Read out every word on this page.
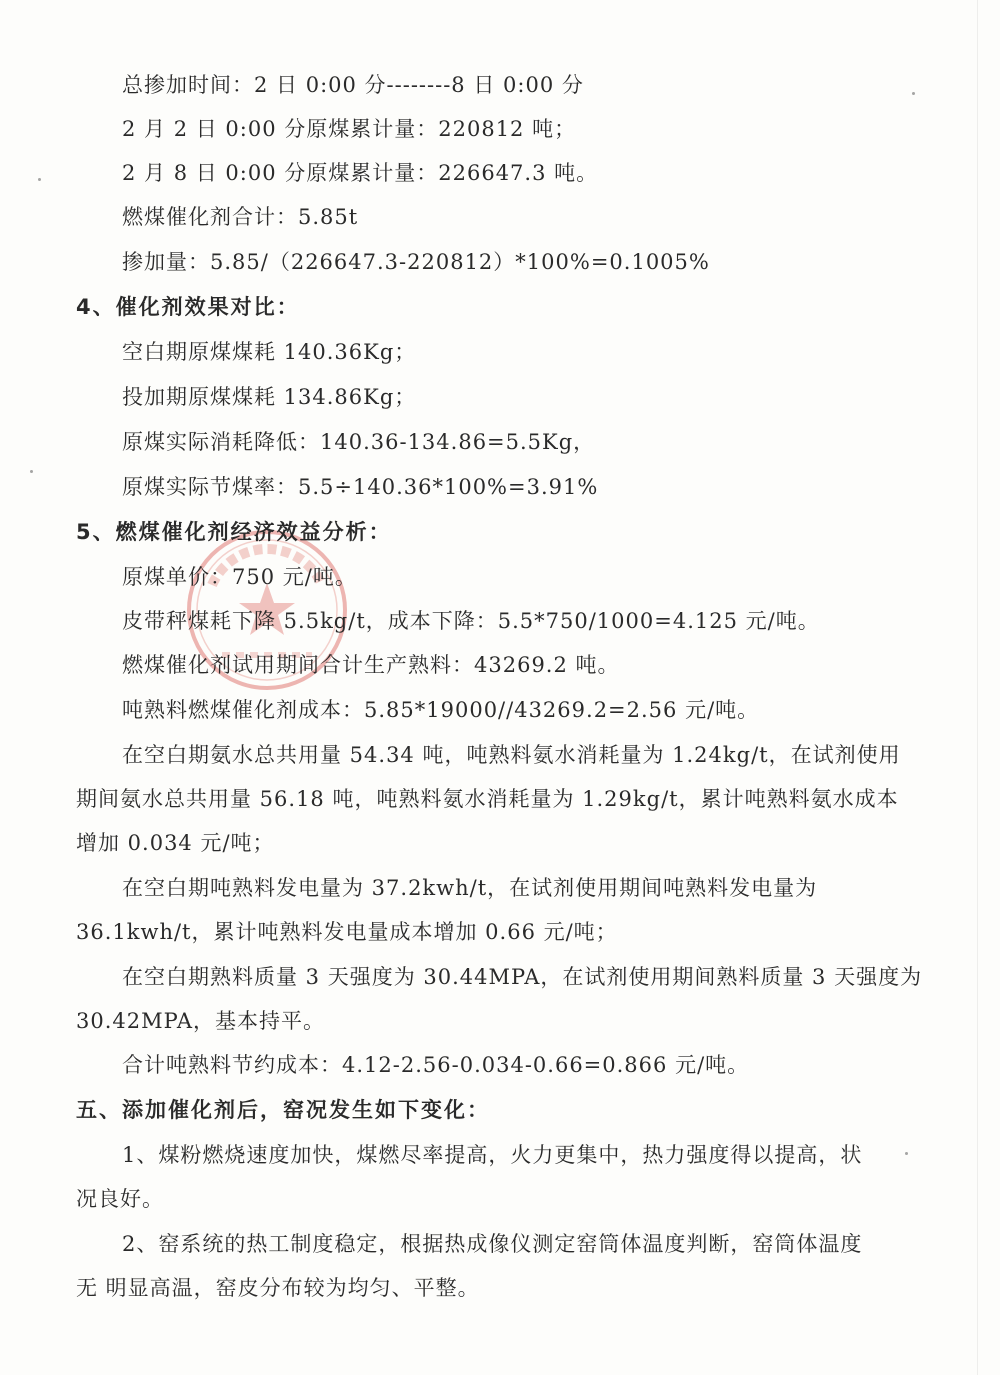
总掺加时间：2 日 0:00 分--------8 日 0:00 分
2 月 2 日 0:00 分原煤累计量：220812 吨；
2 月 8 日 0:00 分原煤累计量：226647.3 吨。
燃煤催化剂合计：5.85t
掺加量：5.85/（226647.3-220812）*100%=0.1005%
4、催化剂效果对比：
空白期原煤煤耗 140.36Kg；
投加期原煤煤耗 134.86Kg；
原煤实际消耗降低：140.36-134.86=5.5Kg，
原煤实际节煤率：5.5÷140.36*100%=3.91%
5、燃煤催化剂经济效益分析：
原煤单价：750 元/吨。
皮带秤煤耗下降 5.5kg/t，成本下降：5.5*750/1000=4.125 元/吨。
燃煤催化剂试用期间合计生产熟料：43269.2 吨。
吨熟料燃煤催化剂成本：5.85*19000//43269.2=2.56 元/吨。
在空白期氨水总共用量 54.34 吨，吨熟料氨水消耗量为 1.24kg/t，在试剂使用
期间氨水总共用量 56.18 吨，吨熟料氨水消耗量为 1.29kg/t，累计吨熟料氨水成本
增加 0.034 元/吨；
在空白期吨熟料发电量为 37.2kwh/t，在试剂使用期间吨熟料发电量为
36.1kwh/t，累计吨熟料发电量成本增加 0.66 元/吨；
在空白期熟料质量 3 天强度为 30.44MPA，在试剂使用期间熟料质量 3 天强度为
30.42MPA，基本持平。
合计吨熟料节约成本：4.12-2.56-0.034-0.66=0.866 元/吨。
五、添加催化剂后，窑况发生如下变化：
1、煤粉燃烧速度加快，煤燃尽率提高，火力更集中，热力强度得以提高，状
况良好。
2、窑系统的热工制度稳定，根据热成像仪测定窑筒体温度判断，窑筒体温度
无 明显高温，窑皮分布较为均匀、平整。
